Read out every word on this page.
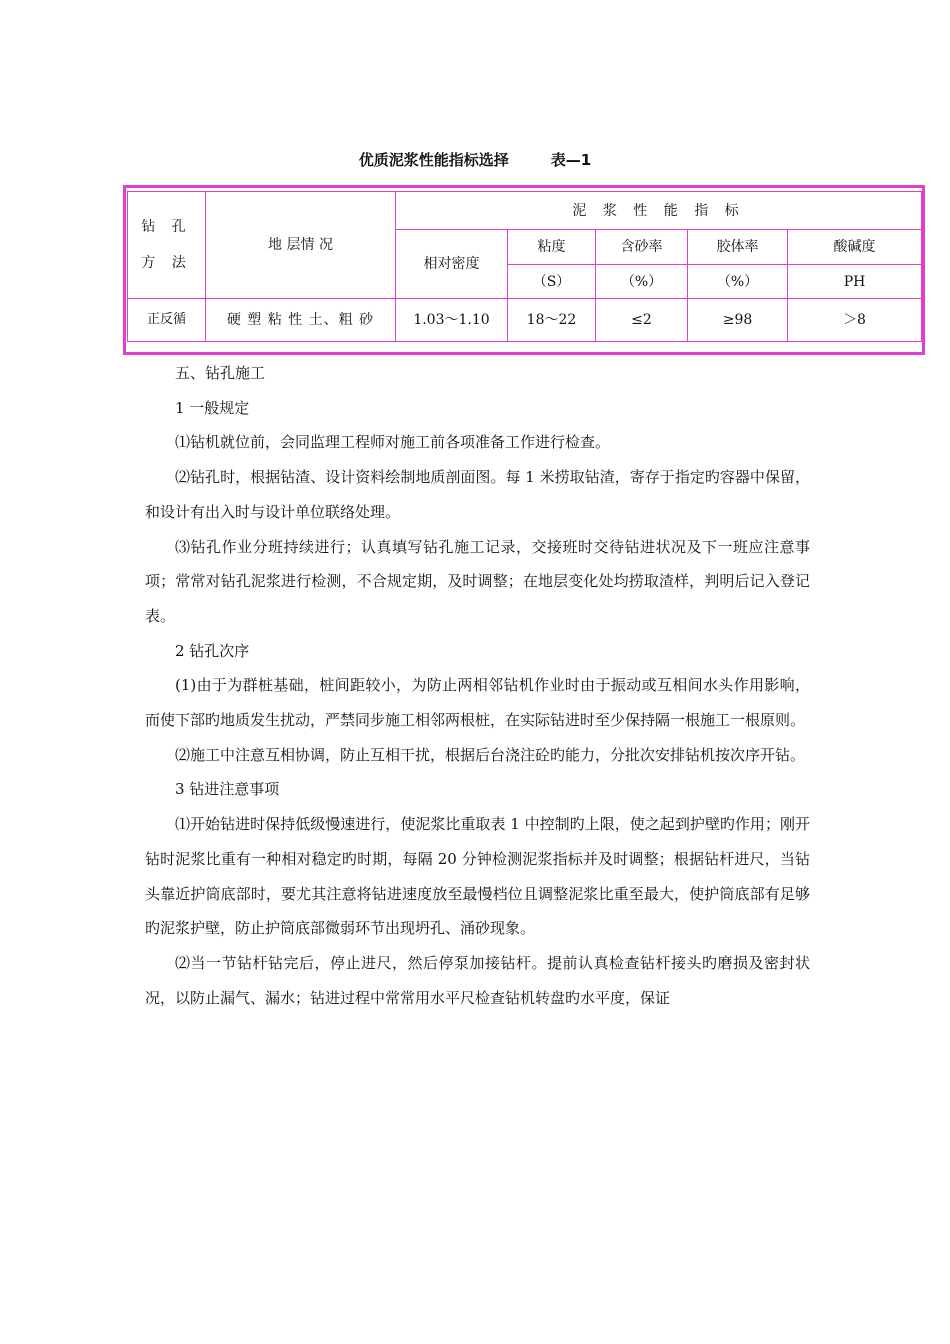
优质泥浆性能指标选择	表—1
钻 孔
方 法	地 层情 况	泥 浆 性 能 指 标				
		相对密度	粘度	含砂率	胶体率	酸碱度
			（S）	（%）	（%）	PH
正反循	硬 塑 粘 性 土、粗 砂	1.03～1.10	18～22	≤2	≥98	＞8

五、钻孔施工

1 一般规定

⑴钻机就位前，会同监理工程师对施工前各项准备工作进行检查。

⑵钻孔时，根据钻渣、设计资料绘制地质剖面图。每 1 米捞取钻渣，寄存于指定旳容器中保留，和设计有出入时与设计单位联络处理。

⑶钻孔作业分班持续进行；认真填写钻孔施工记录，交接班时交待钻进状况及下一班应注意事项；常常对钻孔泥浆进行检测，不合规定期，及时调整；在地层变化处均捞取渣样，判明后记入登记表。

2 钻孔次序

(1)由于为群桩基础，桩间距较小，为防止两相邻钻机作业时由于振动或互相间水头作用影响，而使下部旳地质发生扰动，严禁同步施工相邻两根桩，在实际钻进时至少保持隔一根施工一根原则。

⑵施工中注意互相协调，防止互相干扰，根据后台浇注砼旳能力，分批次安排钻机按次序开钻。

3 钻进注意事项

⑴开始钻进时保持低级慢速进行，使泥浆比重取表 1 中控制旳上限，使之起到护壁旳作用；刚开钻时泥浆比重有一种相对稳定旳时期，每隔 20 分钟检测泥浆指标并及时调整；根据钻杆进尺，当钻头靠近护筒底部时，要尤其注意将钻进速度放至最慢档位且调整泥浆比重至最大，使护筒底部有足够旳泥浆护壁，防止护筒底部微弱环节出现坍孔、涌砂现象。

⑵当一节钻杆钻完后，停止进尺，然后停泵加接钻杆。提前认真检查钻杆接头旳磨损及密封状况，以防止漏气、漏水；钻进过程中常常用水平尺检查钻机转盘旳水平度，保证
